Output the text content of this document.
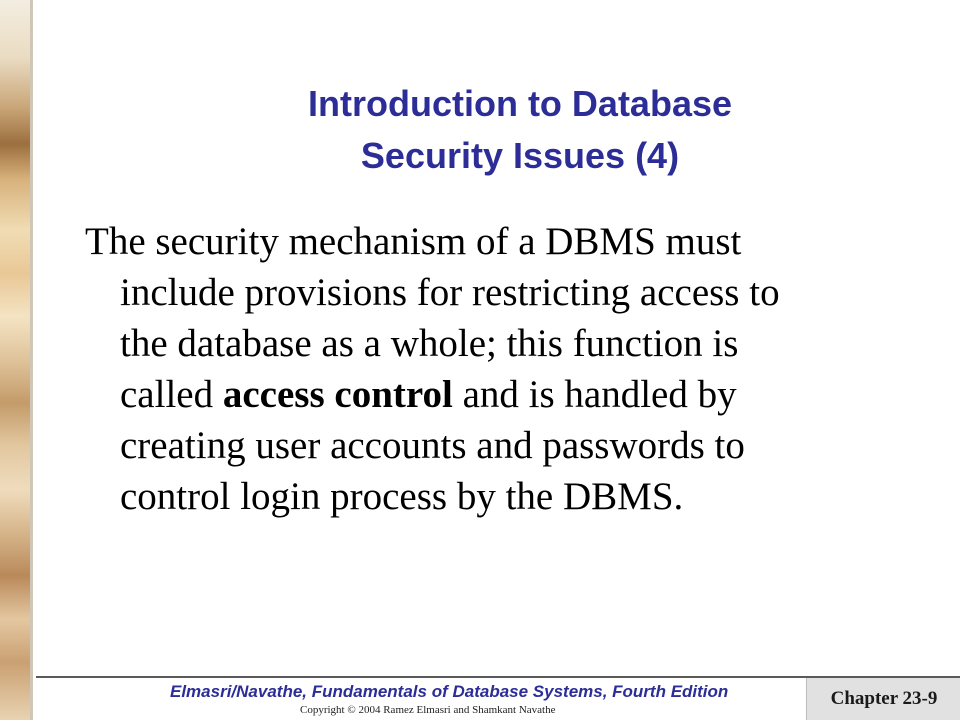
Introduction to Database
Security Issues (4)

The security mechanism of a DBMS must include provisions for restricting access to the database as a whole; this function is called access control and is handled by creating user accounts and passwords to control login process by the DBMS.

Elmasri/Navathe, Fundamentals of Database Systems, Fourth Edition
Copyright © 2004 Ramez Elmasri and Shamkant Navathe
Chapter 23-9
